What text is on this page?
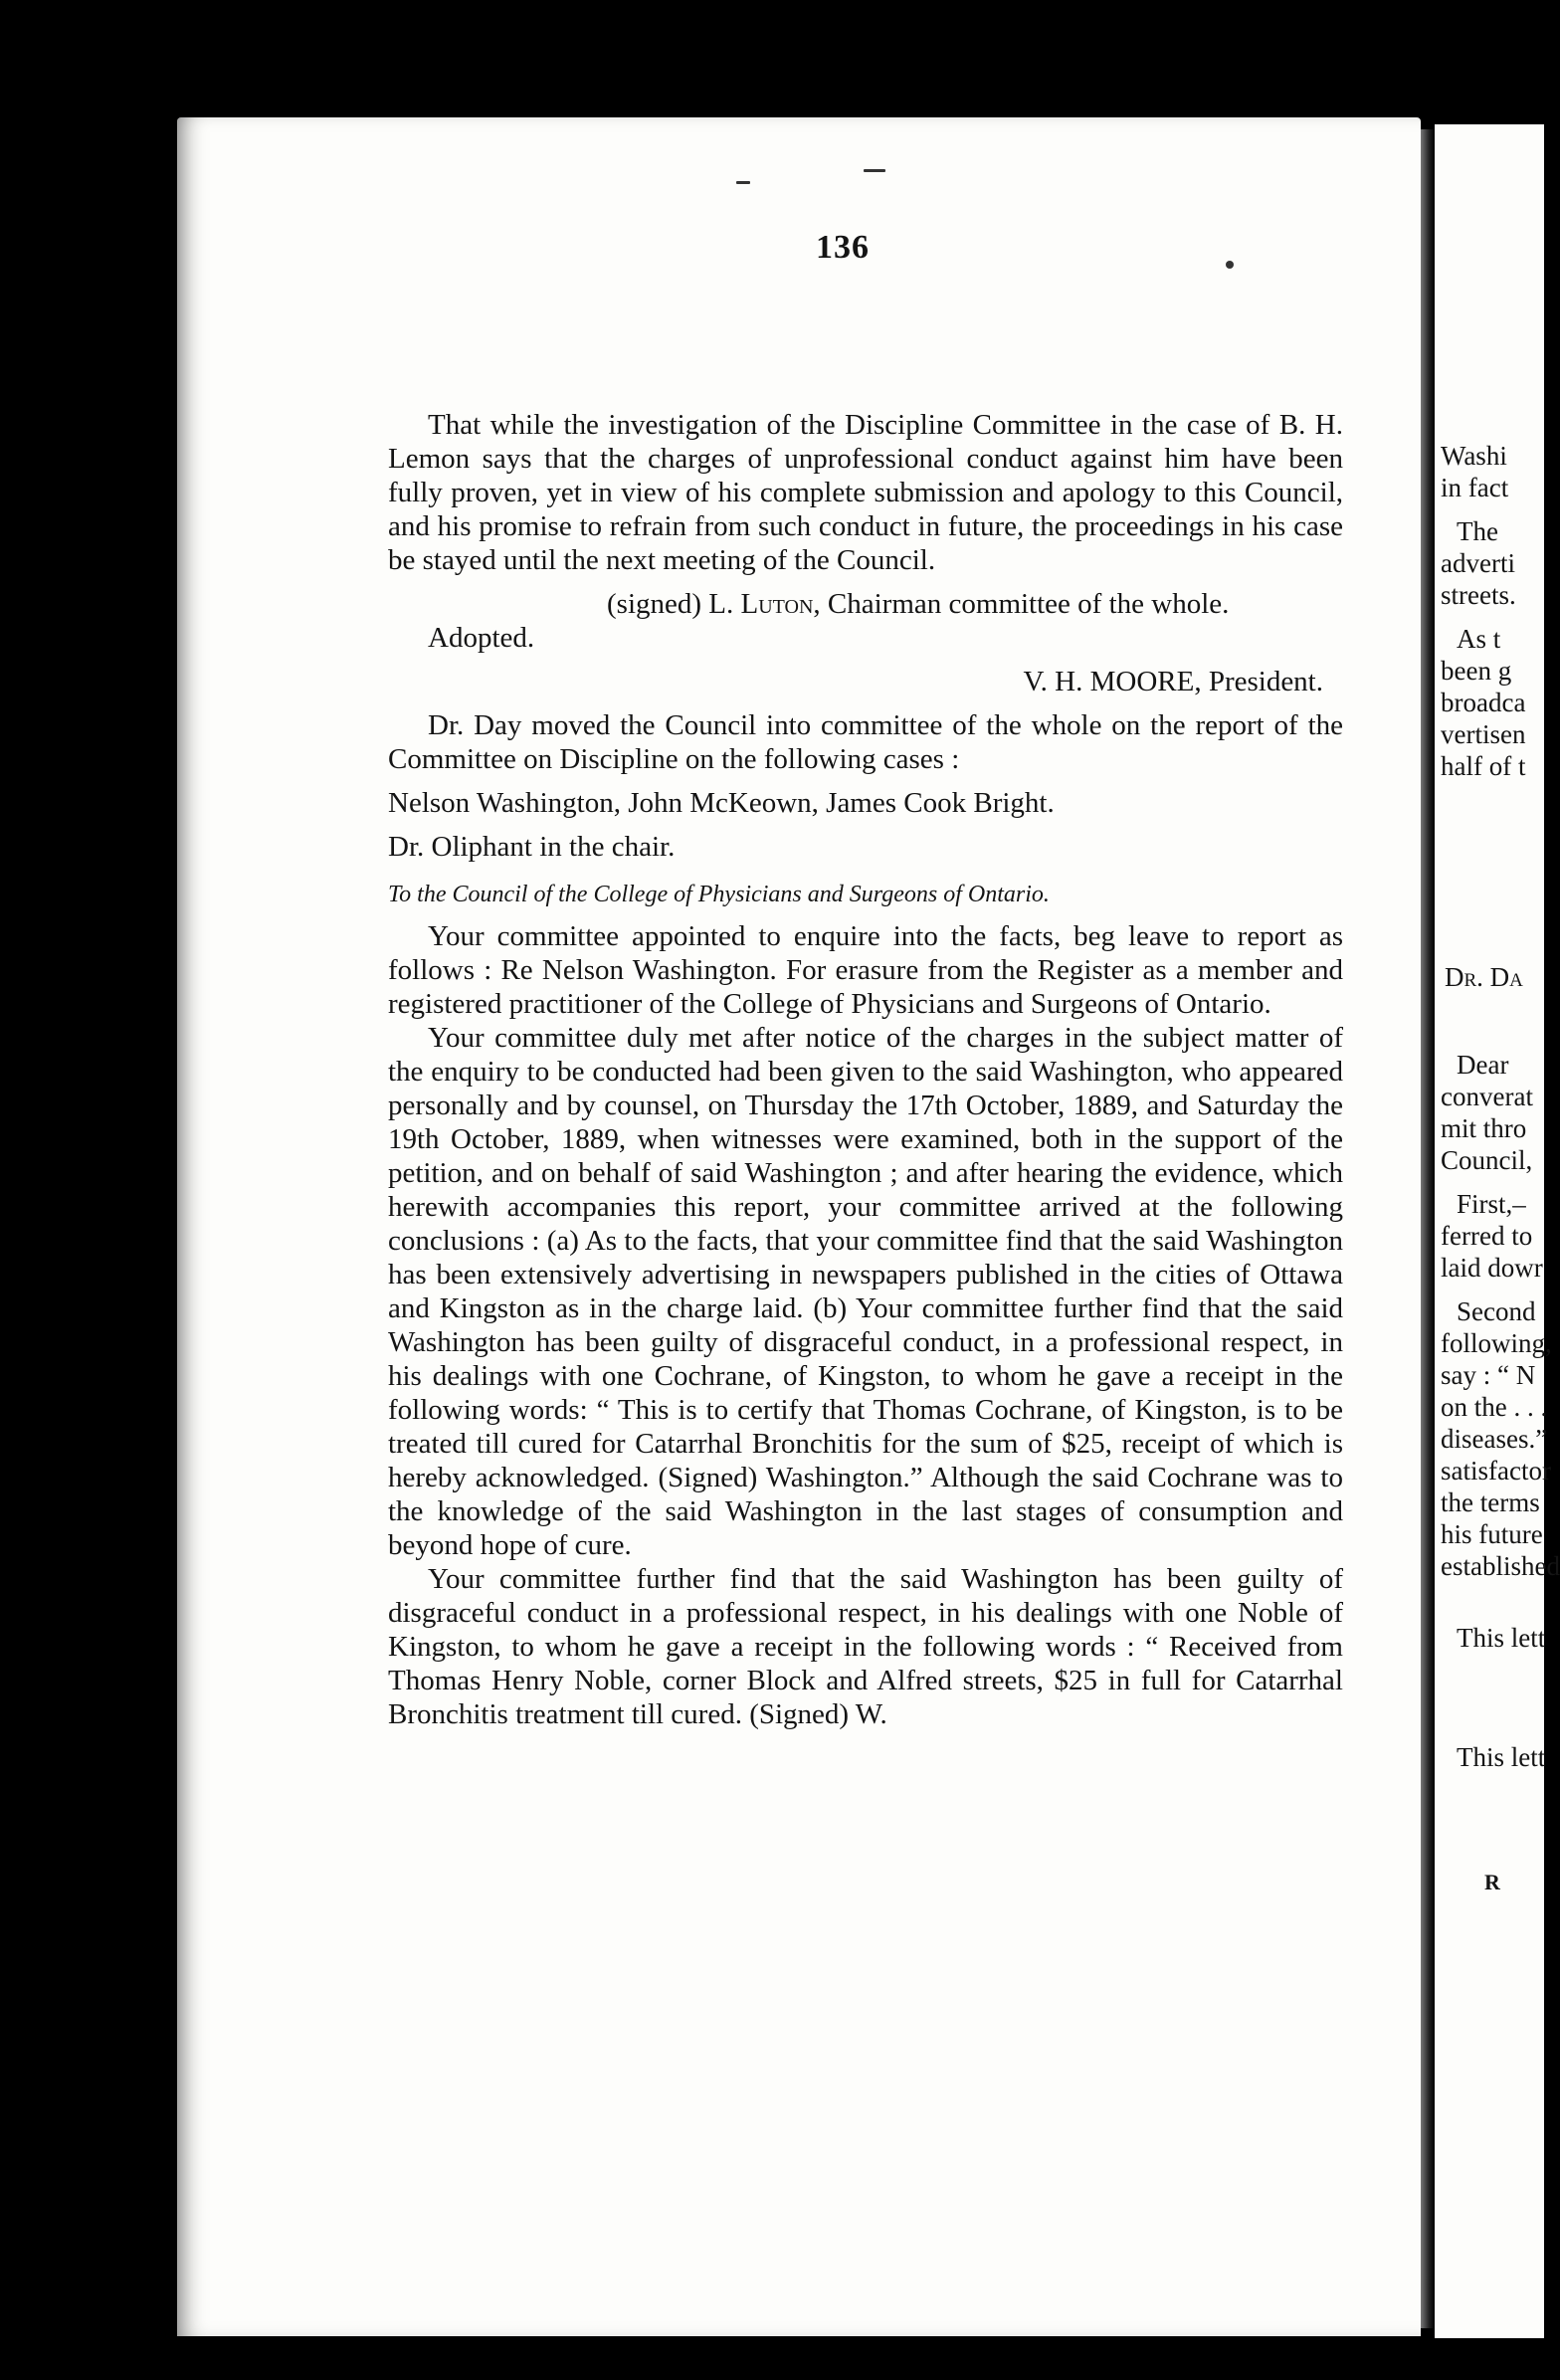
136

That while the investigation of the Discipline Committee in the case of B. H. Lemon says that the charges of unprofessional conduct against him have been fully proven, yet in view of his complete submission and apology to this Council, and his promise to refrain from such conduct in future, the proceedings in his case be stayed until the next meeting of the Council.

(signed) L. Luton, Chairman committee of the whole.
Adopted.
V. H. MOORE, President.

Dr. Day moved the Council into committee of the whole on the report of the Committee on Discipline on the following cases :

Nelson Washington, John McKeown, James Cook Bright.

Dr. Oliphant in the chair.

To the Council of the College of Physicians and Surgeons of Ontario.

Your committee appointed to enquire into the facts, beg leave to report as follows : Re Nelson Washington. For erasure from the Register as a member and registered practitioner of the College of Physicians and Surgeons of Ontario.

Your committee duly met after notice of the charges in the subject matter of the enquiry to be conducted had been given to the said Washington, who appeared personally and by counsel, on Thursday the 17th October, 1889, and Saturday the 19th October, 1889, when witnesses were examined, both in the support of the petition, and on behalf of said Washington ; and after hearing the evidence, which herewith accompanies this report, your committee arrived at the following conclusions : (a) As to the facts, that your committee find that the said Washington has been extensively advertising in newspapers published in the cities of Ottawa and Kingston as in the charge laid. (b) Your committee further find that the said Washington has been guilty of disgraceful conduct, in a professional respect, in his dealings with one Cochrane, of Kingston, to whom he gave a receipt in the following words: “ This is to certify that Thomas Cochrane, of Kingston, is to be treated till cured for Catarrhal Bronchitis for the sum of $25, receipt of which is hereby acknowledged. (Signed) Washington.” Although the said Cochrane was to the knowledge of the said Washington in the last stages of consumption and beyond hope of cure.

Your committee further find that the said Washington has been guilty of disgraceful conduct in a professional respect, in his dealings with one Noble of Kingston, to whom he gave a receipt in the following words : “ Received from Thomas Henry Noble, corner Block and Alfred streets, $25 in full for Catarrhal Bronchitis treatment till cured. (Signed) W.

Washi
in fact
The
adverti
streets.
As t
been g
broadca
vertisen
half of t
Dr. Da
Dear
converat
mit thro
Council,
First,–
ferred to
laid dowr
Second
following,
say : “ N
on the . . .
diseases.”
satisfactor
the terms
his future
established
This lett
This lett
R
